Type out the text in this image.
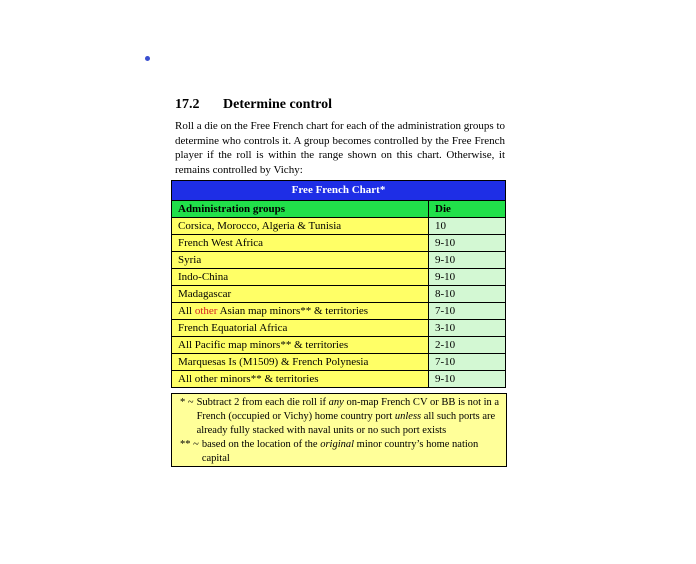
17.2 Determine control
Roll a die on the Free French chart for each of the administration groups to determine who controls it. A group becomes controlled by the Free French player if the roll is within the range shown on this chart. Otherwise, it remains controlled by Vichy:
Free French Chart*	
Administration groups	Die
Corsica, Morocco, Algeria & Tunisia	10
French West Africa	9-10
Syria	9-10
Indo-China	9-10
Madagascar	8-10
All other Asian map minors** & territories	7-10
French Equatorial Africa	3-10
All Pacific map minors** & territories	2-10
Marquesas Is (M1509) & French Polynesia	7-10
All other minors** & territories	9-10
* ~ Subtract 2 from each die roll if any on-map French CV or BB is not in a French (occupied or Vichy) home country port unless all such ports are already fully stacked with naval units or no such port exists
** ~ based on the location of the original minor country’s home nation capital
